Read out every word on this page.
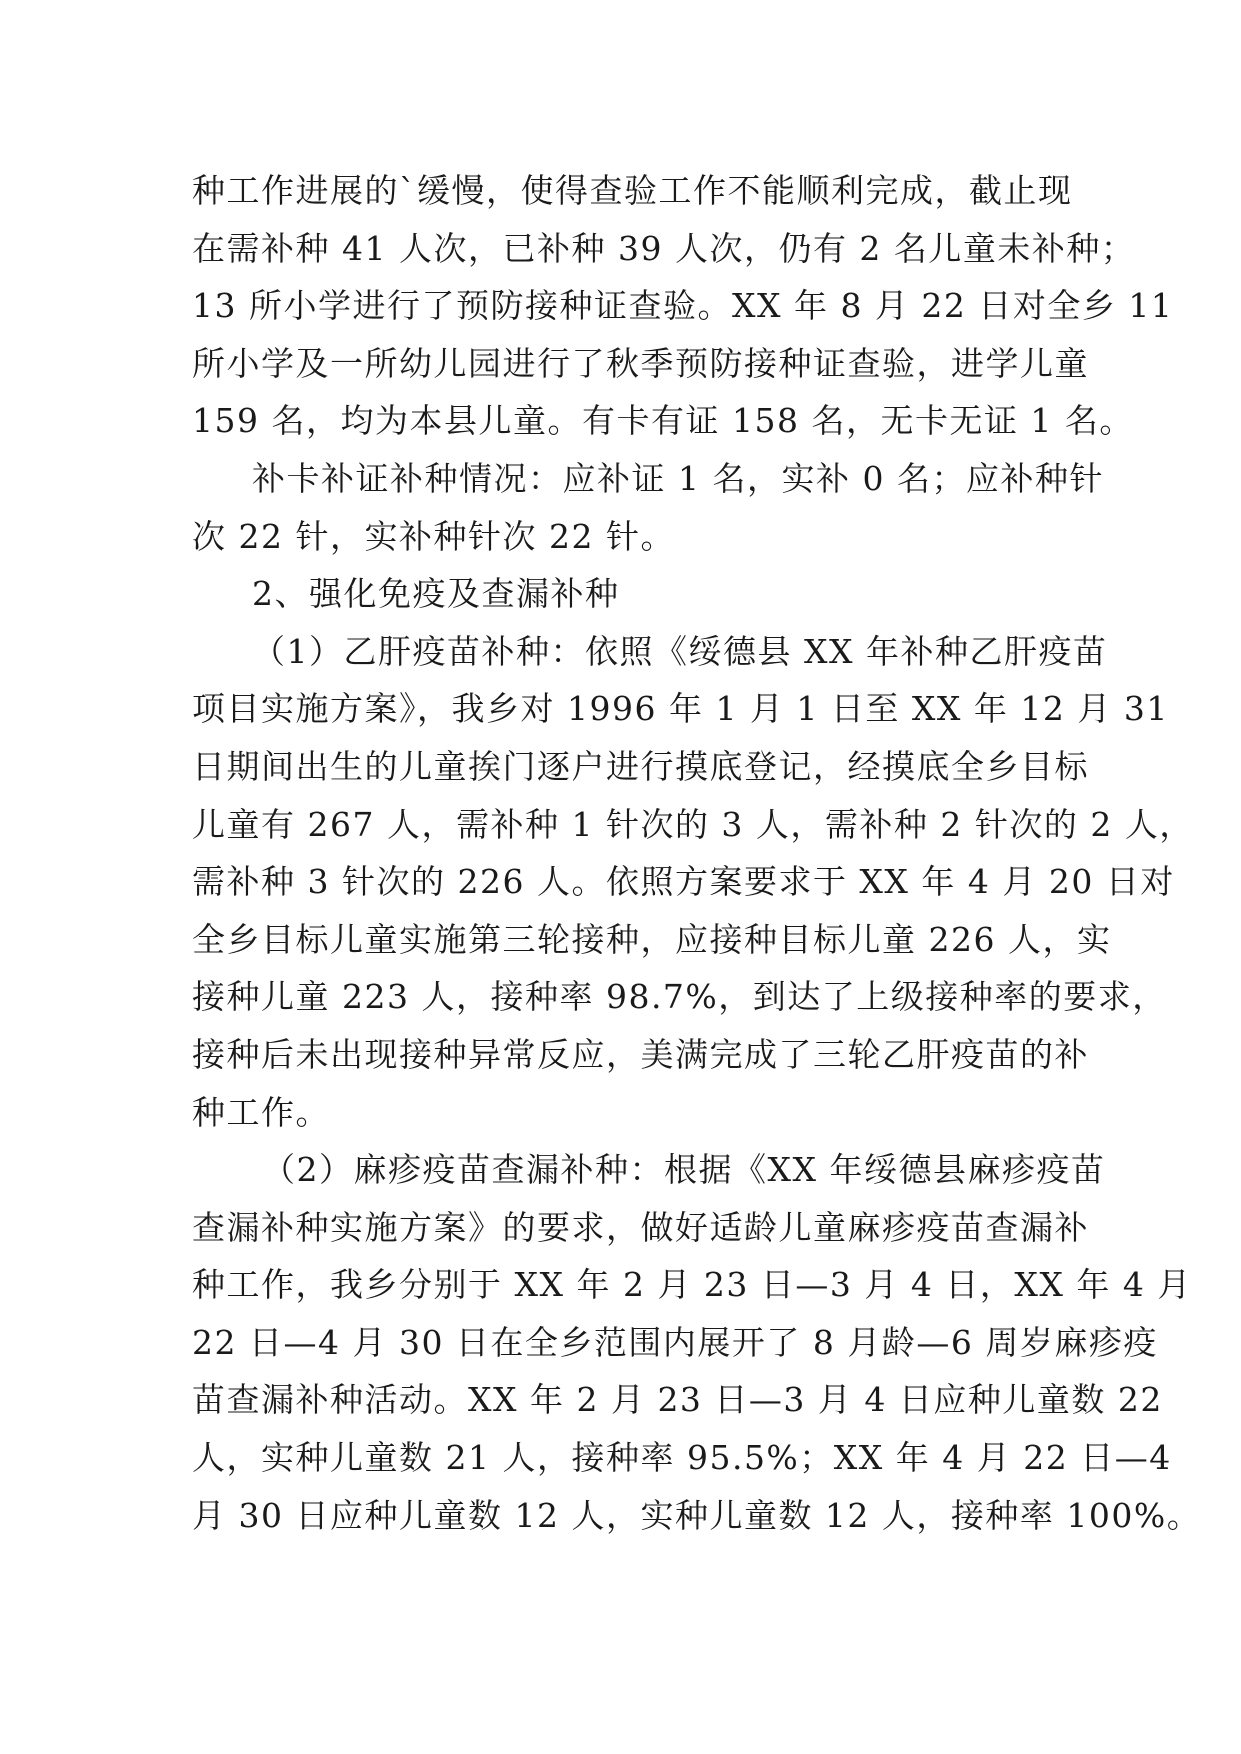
种工作进展的`缓慢，使得查验工作不能顺利完成，截止现
在需补种 41 人次，已补种 39 人次，仍有 2 名儿童未补种；
13 所小学进行了预防接种证查验。XX 年 8 月 22 日对全乡 11
所小学及一所幼儿园进行了秋季预防接种证查验，进学儿童
159 名，均为本县儿童。有卡有证 158 名，无卡无证 1 名。
补卡补证补种情况：应补证 1 名，实补 0 名；应补种针
次 22 针，实补种针次 22 针。
2、强化免疫及查漏补种
（1）乙肝疫苗补种：依照《绥德县 XX 年补种乙肝疫苗
项目实施方案》，我乡对 1996 年 1 月 1 日至 XX 年 12 月 31
日期间出生的儿童挨门逐户进行摸底登记，经摸底全乡目标
儿童有 267 人，需补种 1 针次的 3 人，需补种 2 针次的 2 人，
需补种 3 针次的 226 人。依照方案要求于 XX 年 4 月 20 日对
全乡目标儿童实施第三轮接种，应接种目标儿童 226 人，实
接种儿童 223 人，接种率 98.7%，到达了上级接种率的要求，
接种后未出现接种异常反应，美满完成了三轮乙肝疫苗的补
种工作。
（2）麻疹疫苗查漏补种：根据《XX 年绥德县麻疹疫苗
查漏补种实施方案》的要求，做好适龄儿童麻疹疫苗查漏补
种工作，我乡分别于 XX 年 2 月 23 日—3 月 4 日，XX 年 4 月
22 日—4 月 30 日在全乡范围内展开了 8 月龄—6 周岁麻疹疫
苗查漏补种活动。XX 年 2 月 23 日—3 月 4 日应种儿童数 22
人，实种儿童数 21 人，接种率 95.5%；XX 年 4 月 22 日—4
月 30 日应种儿童数 12 人，实种儿童数 12 人，接种率 100%。
